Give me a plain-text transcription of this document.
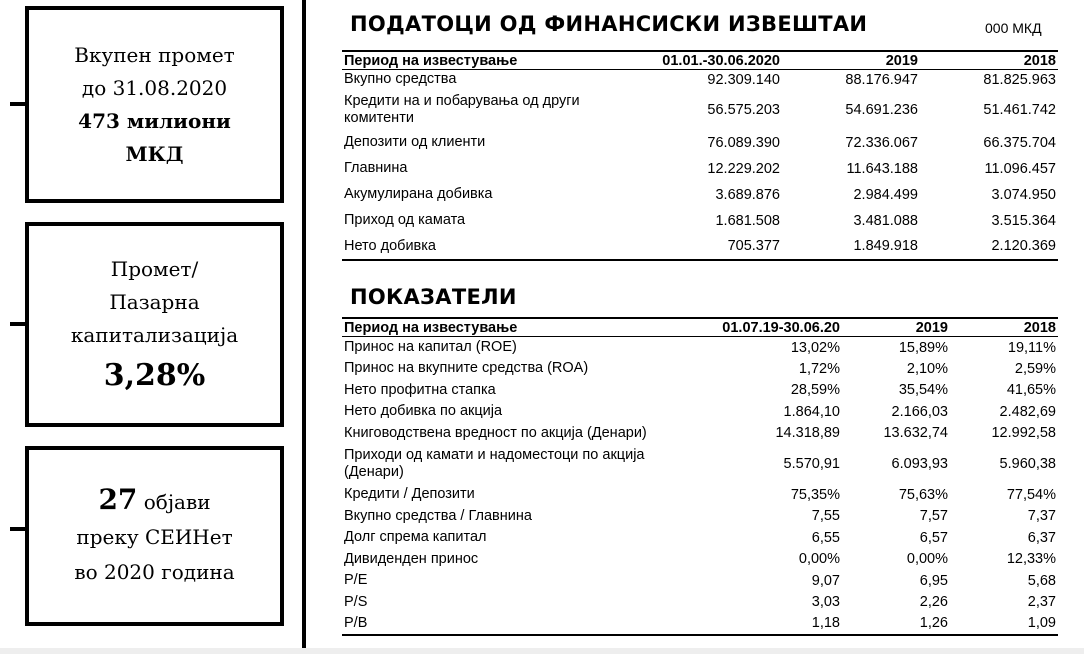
Вкупен промет
до 31.08.2020
473 милиони
МКД
Промет/
Пазарна
капитализација
3,28%
27 објави
преку СЕИНет
во 2020 година
ПОДАТОЦИ ОД ФИНАНСИСКИ ИЗВЕШТАИ	000 МКД
Период на известување	01.01.-30.06.2020	2019	2018
Вкупно средства	92.309.140	88.176.947	81.825.963
Кредити на и побарувања од други комитенти	56.575.203	54.691.236	51.461.742
Депозити од клиенти	76.089.390	72.336.067	66.375.704
Главнина	12.229.202	11.643.188	11.096.457
Акумулирана добивка	3.689.876	2.984.499	3.074.950
Приход од камата	1.681.508	3.481.088	3.515.364
Нето добивка	705.377	1.849.918	2.120.369
ПОКАЗАТЕЛИ
Период на известување	01.07.19-30.06.20	2019	2018
Принос на капитал (ROE)	13,02%	15,89%	19,11%
Принос на вкупните средства (ROA)	1,72%	2,10%	2,59%
Нето профитна стапка	28,59%	35,54%	41,65%
Нето добивка по акција	1.864,10	2.166,03	2.482,69
Книговодствена вредност по акција (Денари)	14.318,89	13.632,74	12.992,58
Приходи од камати и надоместоци по акција (Денари)	5.570,91	6.093,93	5.960,38
Кредити / Депозити	75,35%	75,63%	77,54%
Вкупно средства / Главнина	7,55	7,57	7,37
Долг спрема капитал	6,55	6,57	6,37
Дивиденден принос	0,00%	0,00%	12,33%
P/E	9,07	6,95	5,68
P/S	3,03	2,26	2,37
P/B	1,18	1,26	1,09
